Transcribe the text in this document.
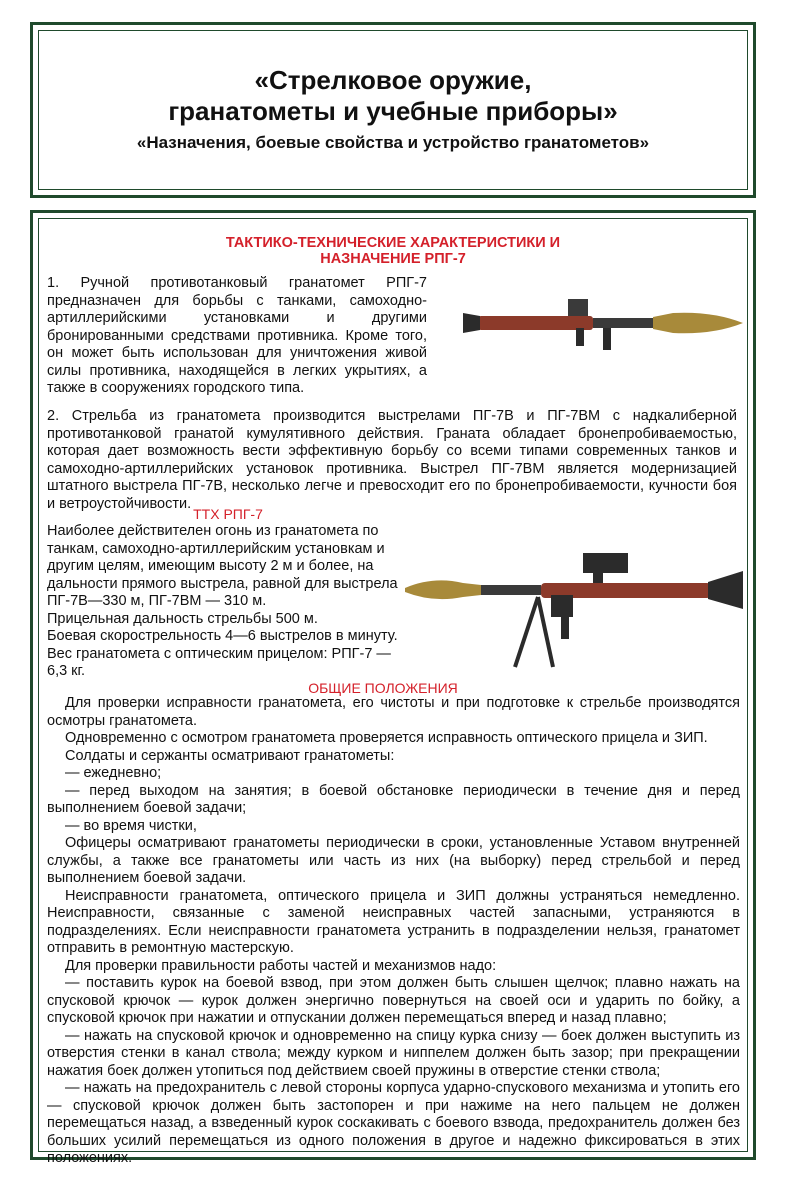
«Стрелковое оружие,
гранатометы и учебные приборы»
«Назначения, боевые свойства и устройство гранатометов»
ТАКТИКО-ТЕХНИЧЕСКИЕ ХАРАКТЕРИСТИКИ И
НАЗНАЧЕНИЕ РПГ-7
1. Ручной противотанковый гранатомет РПГ-7 предназначен для борьбы с танками, самоходно-артиллерийскими установками и другими бронированными средствами противника. Кроме того, он может быть использован для уничтожения живой силы противника, находящейся в легких укрытиях, а также в сооружениях городского типа.
2. Стрельба из гранатомета производится выстрелами ПГ-7В и ПГ-7ВМ с надкалиберной противотанковой гранатой кумулятивного действия. Граната обладает бронепробиваемостью, которая дает возможность вести эффективную борьбу со всеми типами современных танков и самоходно-артиллерийских установок противника. Выстрел ПГ-7ВМ является модернизацией штатного выстрела ПГ-7В, несколько легче и превосходит его по бронепробиваемости, кучности боя и ветроустойчивости.
ТТХ РПГ-7
Наиболее действителен огонь из гранатомета по
танкам, самоходно-артиллерийским установкам и
другим целям, имеющим высоту 2 м и более, на
дальности прямого выстрела, равной для выстрела
ПГ-7В—330 м, ПГ-7ВМ — 310 м.
Прицельная дальность стрельбы 500 м.
Боевая скорострельность 4—6 выстрелов в минуту.
Вес гранатомета с оптическим прицелом: РПГ-7 —
6,3 кг.
ОБЩИЕ ПОЛОЖЕНИЯ

Для проверки исправности гранатомета, его чистоты и при подготовке к стрельбе производятся осмотры гранатомета.

Одновременно с осмотром гранатомета проверяется исправность оптического прицела и ЗИП.

Солдаты и сержанты осматривают гранатометы:

— ежедневно;

— перед выходом на занятия; в боевой обстановке периодически в течение дня и перед выполнением боевой задачи;

— во время чистки,

Офицеры осматривают гранатометы периодически в сроки, установленные Уставом внутренней службы, а также все гранатометы или часть из них (на выборку) перед стрельбой и перед выполнением боевой задачи.

Неисправности гранатомета, оптического прицела и ЗИП должны устраняться немедленно. Неисправности, связанные с заменой неисправных частей запасными, устраняются в подразделениях. Если неисправности гранатомета устранить в подразделении нельзя, гранатомет отправить в ремонтную мастерскую.

Для проверки правильности работы частей и механизмов надо:

— поставить курок на боевой взвод, при этом должен быть слышен щелчок; плавно нажать на спусковой крючок — курок должен энергично повернуться на своей оси и ударить по бойку, а спусковой крючок при нажатии и отпускании должен перемещаться вперед и назад плавно;

— нажать на спусковой крючок и одновременно на спицу курка снизу — боек должен выступить из отверстия стенки в канал ствола; между курком и ниппелем должен быть зазор; при прекращении нажатия боек должен утопиться под действием своей пружины в отверстие стенки ствола;

— нажать на предохранитель с левой стороны корпуса ударно-спускового механизма и утопить его — спусковой крючок должен быть застопорен и при нажиме на него пальцем не должен перемещаться назад, а взведенный курок соскакивать с боевого взвода, предохранитель должен без больших усилий перемещаться из одного положения в другое и надежно фиксироваться в этих положениях.
